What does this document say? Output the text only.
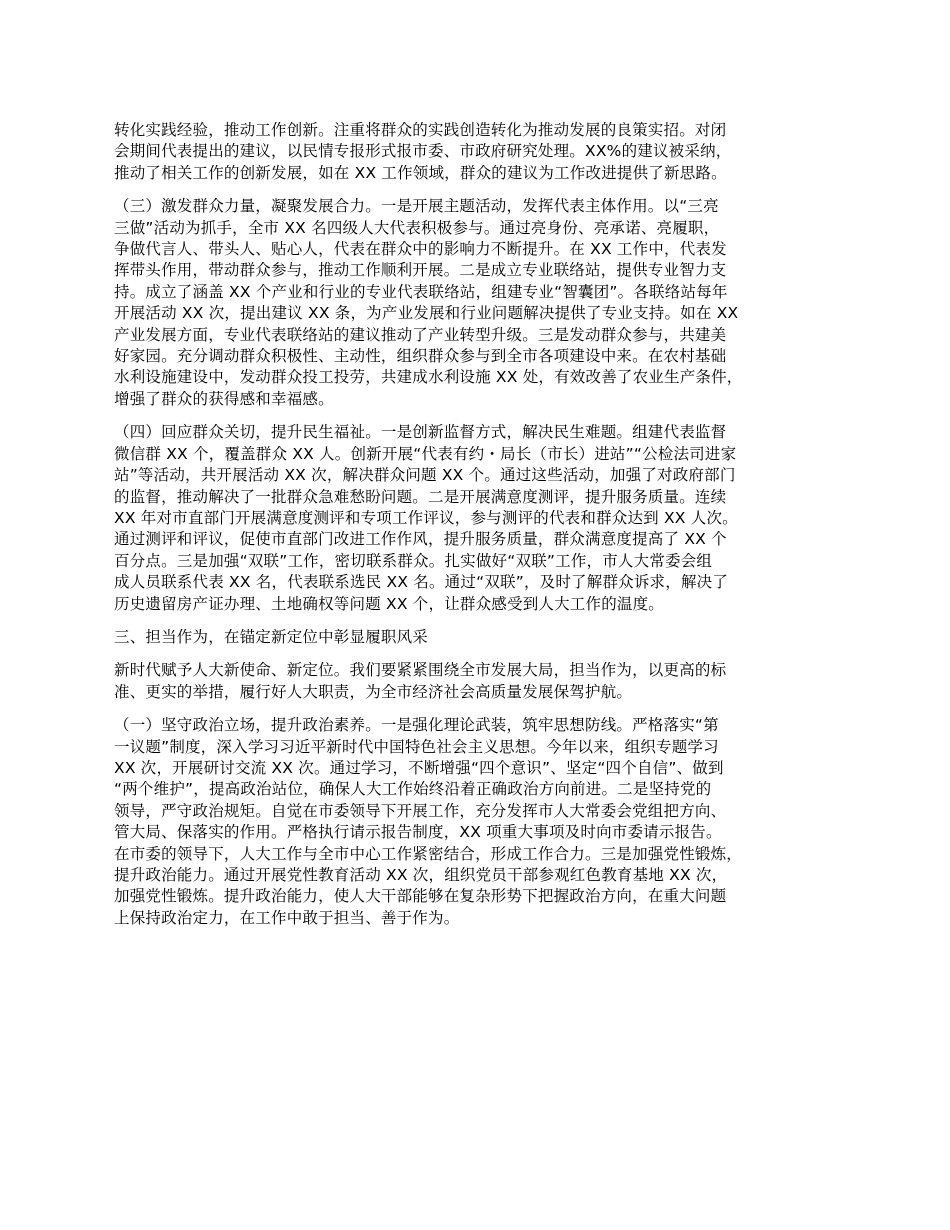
转化实践经验，推动工作创新。注重将群众的实践创造转化为推动发展的良策实招。对闭
会期间代表提出的建议，以民情专报形式报市委、市政府研究处理。XX%的建议被采纳，
推动了相关工作的创新发展，如在 XX 工作领域，群众的建议为工作改进提供了新思路。

（三）激发群众力量，凝聚发展合力。一是开展主题活动，发挥代表主体作用。以“三亮
三做”活动为抓手，全市 XX 名四级人大代表积极参与。通过亮身份、亮承诺、亮履职，
争做代言人、带头人、贴心人，代表在群众中的影响力不断提升。在 XX 工作中，代表发
挥带头作用，带动群众参与，推动工作顺利开展。二是成立专业联络站，提供专业智力支
持。成立了涵盖 XX 个产业和行业的专业代表联络站，组建专业“智囊团”。各联络站每年
开展活动 XX 次，提出建议 XX 条，为产业发展和行业问题解决提供了专业支持。如在 XX
产业发展方面，专业代表联络站的建议推动了产业转型升级。三是发动群众参与，共建美
好家园。充分调动群众积极性、主动性，组织群众参与到全市各项建设中来。在农村基础
水利设施建设中，发动群众投工投劳，共建成水利设施 XX 处，有效改善了农业生产条件，
增强了群众的获得感和幸福感。

（四）回应群众关切，提升民生福祉。一是创新监督方式，解决民生难题。组建代表监督
微信群 XX 个，覆盖群众 XX 人。创新开展“代表有约・局长（市长）进站”“公检法司进家
站”等活动，共开展活动 XX 次，解决群众问题 XX 个。通过这些活动，加强了对政府部门
的监督，推动解决了一批群众急难愁盼问题。二是开展满意度测评，提升服务质量。连续
XX 年对市直部门开展满意度测评和专项工作评议，参与测评的代表和群众达到 XX 人次。
通过测评和评议，促使市直部门改进工作作风，提升服务质量，群众满意度提高了 XX 个
百分点。三是加强“双联”工作，密切联系群众。扎实做好“双联”工作，市人大常委会组
成人员联系代表 XX 名，代表联系选民 XX 名。通过“双联”，及时了解群众诉求，解决了
历史遗留房产证办理、土地确权等问题 XX 个，让群众感受到人大工作的温度。

三、担当作为，在锚定新定位中彰显履职风采

新时代赋予人大新使命、新定位。我们要紧紧围绕全市发展大局，担当作为，以更高的标
准、更实的举措，履行好人大职责，为全市经济社会高质量发展保驾护航。

（一）坚守政治立场，提升政治素养。一是强化理论武装，筑牢思想防线。严格落实“第
一议题”制度，深入学习习近平新时代中国特色社会主义思想。今年以来，组织专题学习
XX 次，开展研讨交流 XX 次。通过学习，不断增强“四个意识”、坚定“四个自信”、做到
“两个维护”，提高政治站位，确保人大工作始终沿着正确政治方向前进。二是坚持党的
领导，严守政治规矩。自觉在市委领导下开展工作，充分发挥市人大常委会党组把方向、
管大局、保落实的作用。严格执行请示报告制度，XX 项重大事项及时向市委请示报告。
在市委的领导下，人大工作与全市中心工作紧密结合，形成工作合力。三是加强党性锻炼，
提升政治能力。通过开展党性教育活动 XX 次，组织党员干部参观红色教育基地 XX 次，
加强党性锻炼。提升政治能力，使人大干部能够在复杂形势下把握政治方向，在重大问题
上保持政治定力，在工作中敢于担当、善于作为。
